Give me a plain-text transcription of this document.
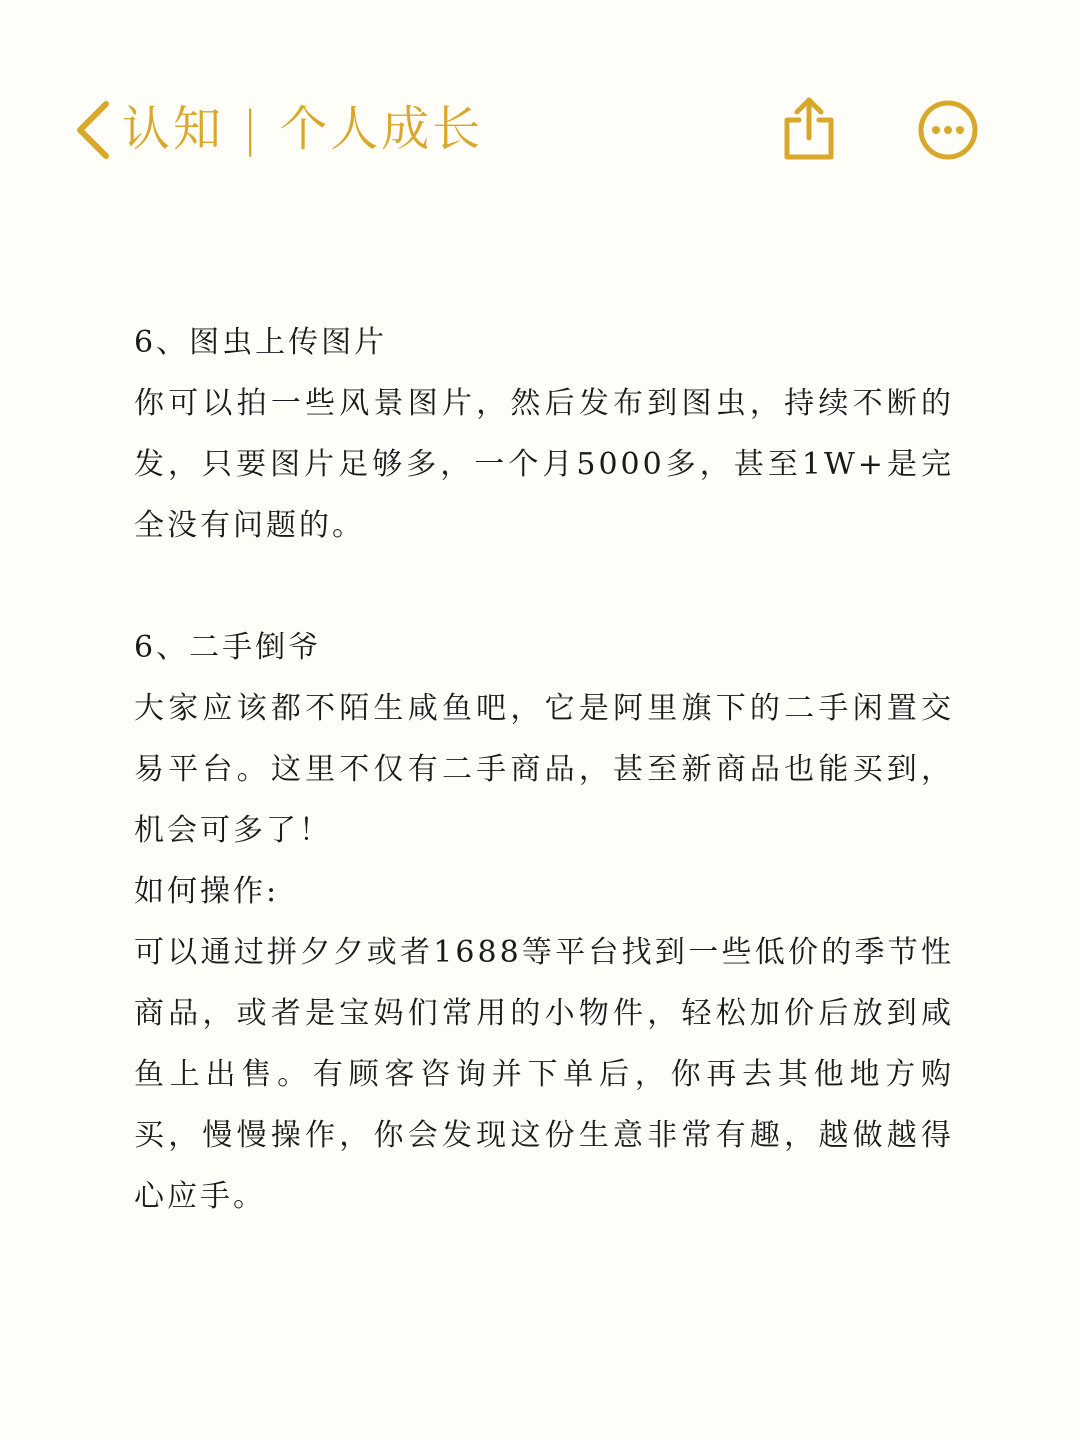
认知 | 个人成长

6、图虫上传图片

你可以拍一些风景图片，然后发布到图虫，持续不断的发，只要图片足够多，一个月5000多，甚至1W+是完全没有问题的。

6、二手倒爷

大家应该都不陌生咸鱼吧，它是阿里旗下的二手闲置交易平台。这里不仅有二手商品，甚至新商品也能买到，机会可多了！

如何操作:

可以通过拼夕夕或者1688等平台找到一些低价的季节性商品，或者是宝妈们常用的小物件，轻松加价后放到咸鱼上出售。有顾客咨询并下单后，你再去其他地方购买，慢慢操作，你会发现这份生意非常有趣，越做越得心应手。
